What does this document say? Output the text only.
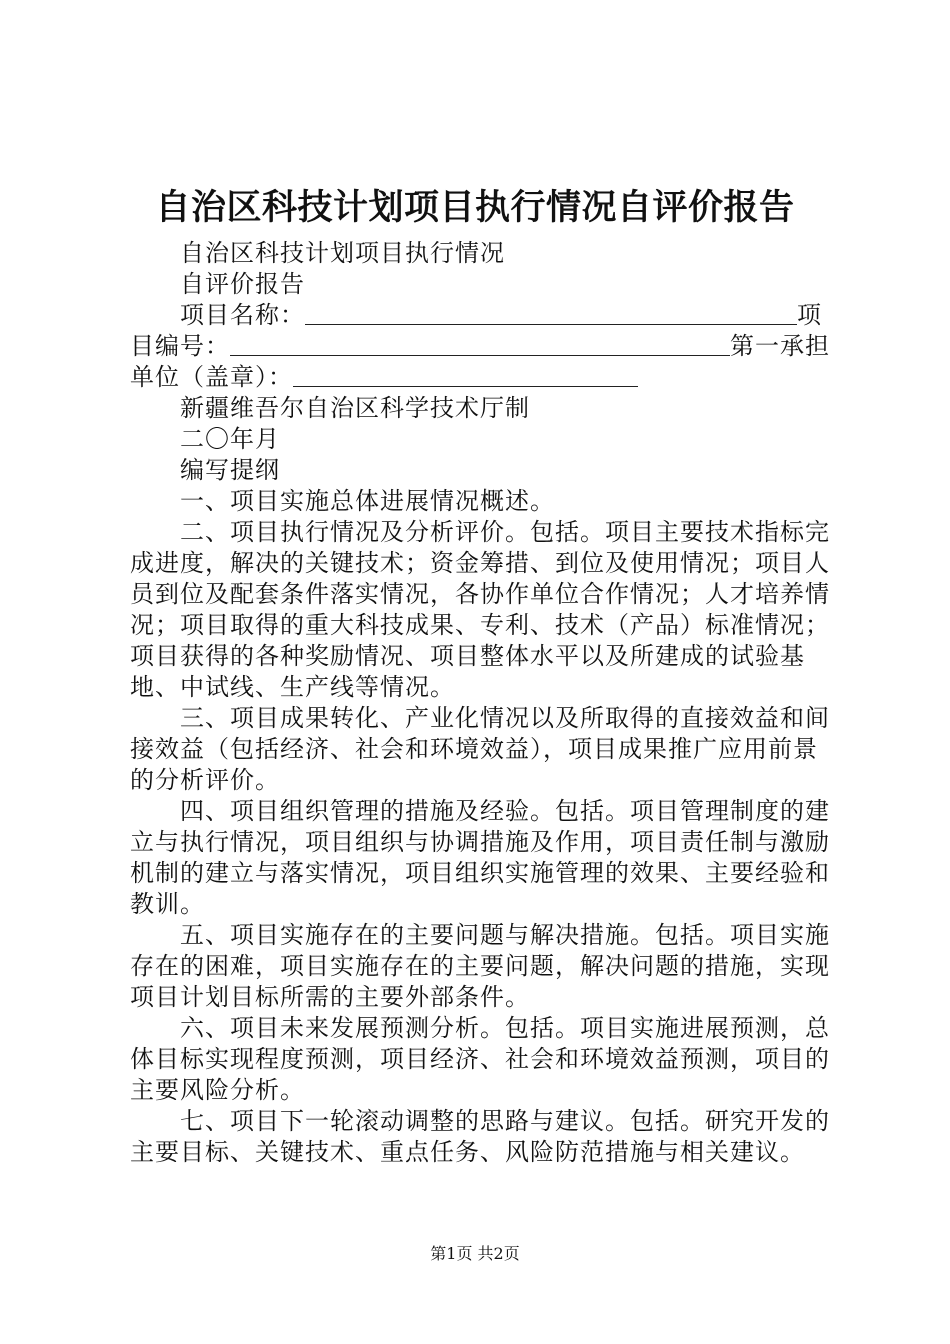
自治区科技计划项目执行情况自评价报告

自治区科技计划项目执行情况

自评价报告

项目名称：	项

目编号：	第一承担

单位（盖章）：

新疆维吾尔自治区科学技术厅制

二〇年月

编写提纲

一、项目实施总体进展情况概述。

二、项目执行情况及分析评价。包括。项目主要技术指标完成进度，解决的关键技术；资金筹措、到位及使用情况；项目人员到位及配套条件落实情况，各协作单位合作情况；人才培养情况；项目取得的重大科技成果、专利、技术（产品）标准情况；项目获得的各种奖励情况、项目整体水平以及所建成的试验基地、中试线、生产线等情况。

三、项目成果转化、产业化情况以及所取得的直接效益和间接效益（包括经济、社会和环境效益），项目成果推广应用前景的分析评价。

四、项目组织管理的措施及经验。包括。项目管理制度的建立与执行情况，项目组织与协调措施及作用，项目责任制与激励机制的建立与落实情况，项目组织实施管理的效果、主要经验和教训。

五、项目实施存在的主要问题与解决措施。包括。项目实施存在的困难，项目实施存在的主要问题，解决问题的措施，实现项目计划目标所需的主要外部条件。

六、项目未来发展预测分析。包括。项目实施进展预测，总体目标实现程度预测，项目经济、社会和环境效益预测，项目的主要风险分析。

七、项目下一轮滚动调整的思路与建议。包括。研究开发的主要目标、关键技术、重点任务、风险防范措施与相关建议。

第1页 共2页
